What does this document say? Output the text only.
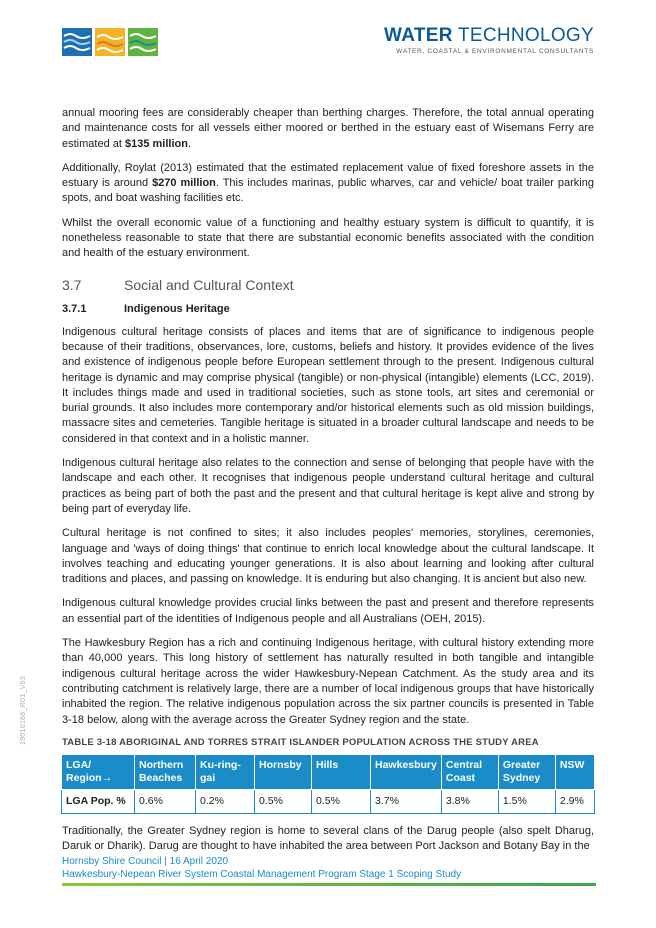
WATER TECHNOLOGY
WATER, COASTAL & ENVIRONMENTAL CONSULTANTS
19010166_R01_V03

annual mooring fees are considerably cheaper than berthing charges. Therefore, the total annual operating and maintenance costs for all vessels either moored or berthed in the estuary east of Wisemans Ferry are estimated at $135 million.

Additionally, Roylat (2013) estimated that the estimated replacement value of fixed foreshore assets in the estuary is around $270 million. This includes marinas, public wharves, car and vehicle/ boat trailer parking spots, and boat washing facilities etc.

Whilst the overall economic value of a functioning and healthy estuary system is difficult to quantify, it is nonetheless reasonable to state that there are substantial economic benefits associated with the condition and health of the estuary environment.

3.7	Social and Cultural Context
3.7.1	Indigenous Heritage

Indigenous cultural heritage consists of places and items that are of significance to indigenous people because of their traditions, observances, lore, customs, beliefs and history. It provides evidence of the lives and existence of indigenous people before European settlement through to the present. Indigenous cultural heritage is dynamic and may comprise physical (tangible) or non-physical (intangible) elements (LCC, 2019). It includes things made and used in traditional societies, such as stone tools, art sites and ceremonial or burial grounds. It also includes more contemporary and/or historical elements such as old mission buildings, massacre sites and cemeteries. Tangible heritage is situated in a broader cultural landscape and needs to be considered in that context and in a holistic manner.

Indigenous cultural heritage also relates to the connection and sense of belonging that people have with the landscape and each other. It recognises that indigenous people understand cultural heritage and cultural practices as being part of both the past and the present and that cultural heritage is kept alive and strong by being part of everyday life.

Cultural heritage is not confined to sites; it also includes peoples' memories, storylines, ceremonies, language and 'ways of doing things' that continue to enrich local knowledge about the cultural landscape. It involves teaching and educating younger generations. It is also about learning and looking after cultural traditions and places, and passing on knowledge. It is enduring but also changing. It is ancient but also new.

Indigenous cultural knowledge provides crucial links between the past and present and therefore represents an essential part of the identities of Indigenous people and all Australians (OEH, 2015).

The Hawkesbury Region has a rich and continuing Indigenous heritage, with cultural history extending more than 40,000 years. This long history of settlement has naturally resulted in both tangible and intangible indigenous cultural heritage across the wider Hawkesbury-Nepean Catchment. As the study area and its contributing catchment is relatively large, there are a number of local indigenous groups that have historically inhabited the region. The relative indigenous population across the six partner councils is presented in Table 3-18 below, along with the average across the Greater Sydney region and the state.

TABLE 3-18 ABORIGINAL AND TORRES STRAIT ISLANDER POPULATION ACROSS THE STUDY AREA
LGA/ Region→	Northern Beaches	Ku-ring-gai	Hornsby	Hills	Hawkesbury	Central Coast	Greater Sydney	NSW
LGA Pop. %	0.6%	0.2%	0.5%	0.5%	3.7%	3.8%	1.5%	2.9%

Traditionally, the Greater Sydney region is home to several clans of the Darug people (also spelt Dharug, Daruk or Dharik). Darug are thought to have inhabited the area between Port Jackson and Botany Bay in the

Hornsby Shire Council | 16 April 2020
Hawkesbury-Nepean River System Coastal Management Program Stage 1 Scoping Study
